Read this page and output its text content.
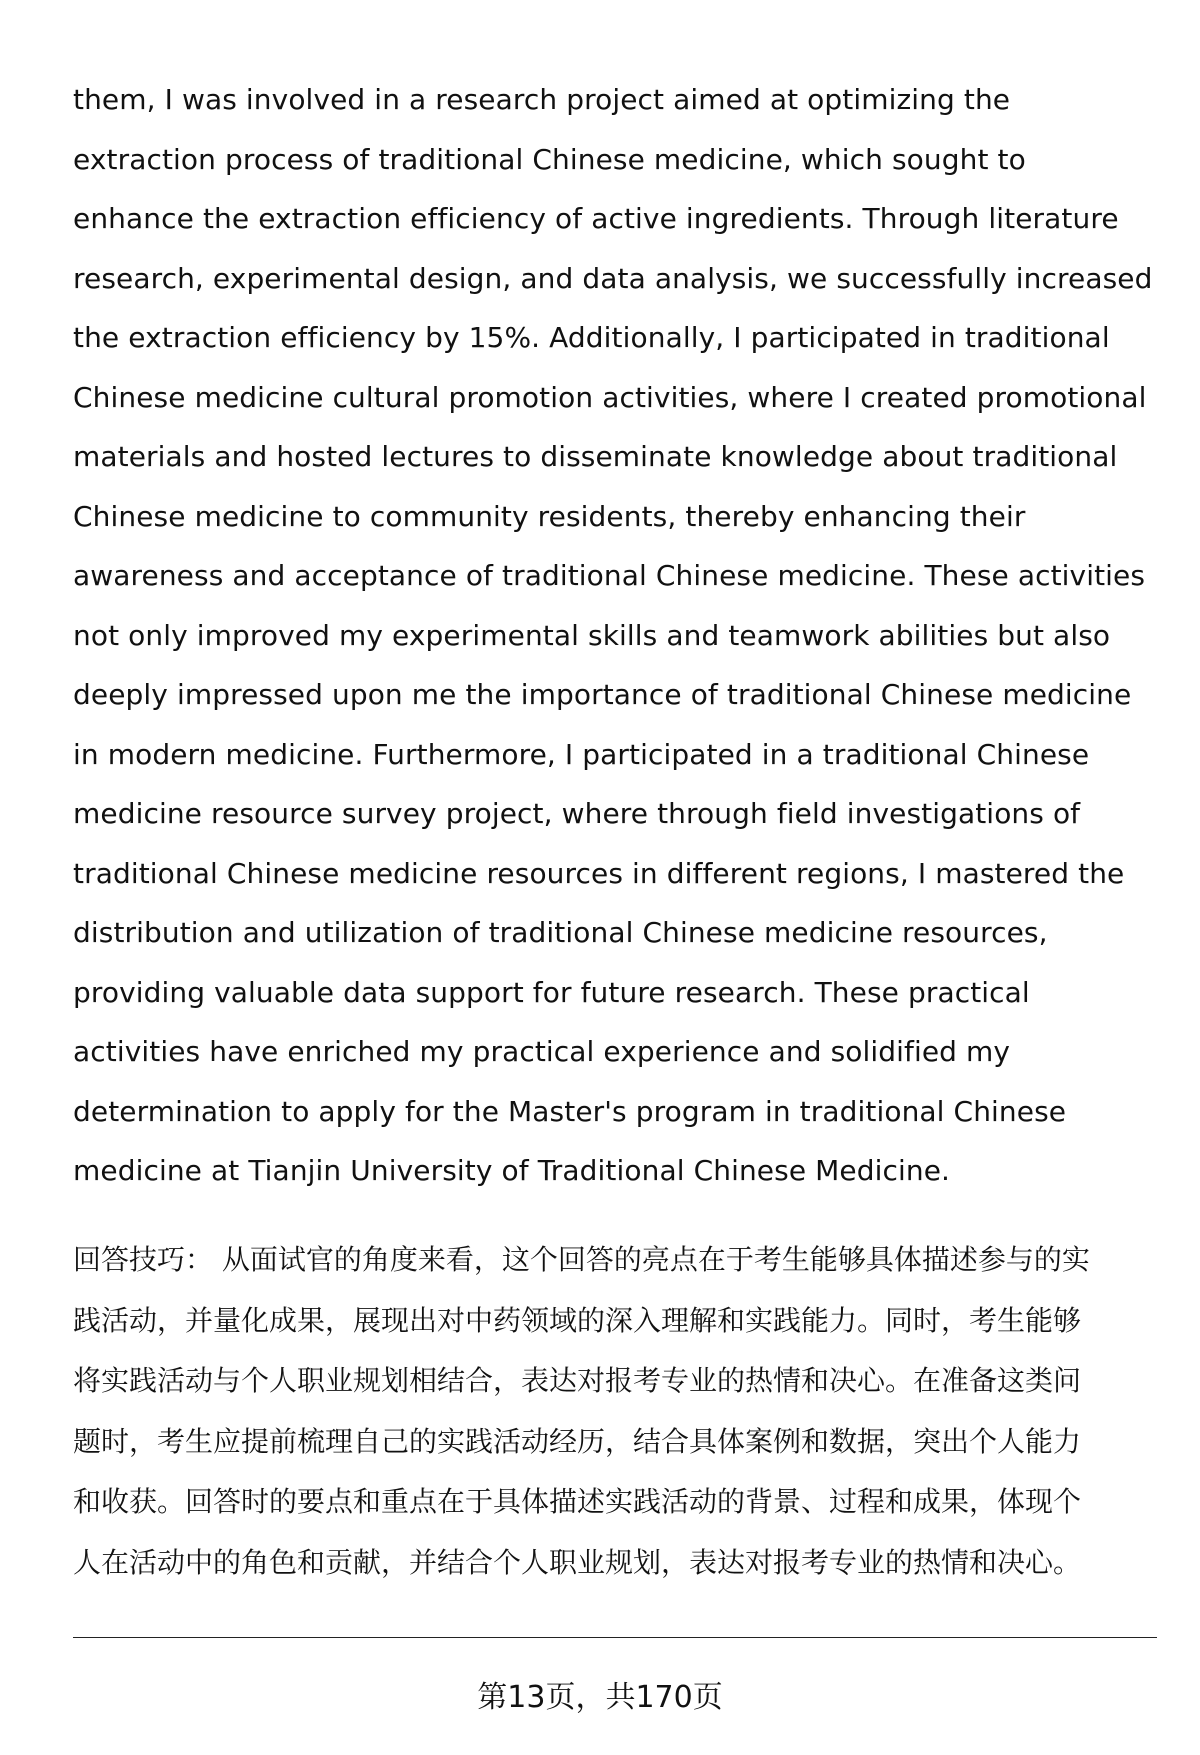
them, I was involved in a research project aimed at optimizing the
extraction process of traditional Chinese medicine, which sought to
enhance the extraction efficiency of active ingredients. Through literature
research, experimental design, and data analysis, we successfully increased
the extraction efficiency by 15%. Additionally, I participated in traditional
Chinese medicine cultural promotion activities, where I created promotional
materials and hosted lectures to disseminate knowledge about traditional
Chinese medicine to community residents, thereby enhancing their
awareness and acceptance of traditional Chinese medicine. These activities
not only improved my experimental skills and teamwork abilities but also
deeply impressed upon me the importance of traditional Chinese medicine
in modern medicine. Furthermore, I participated in a traditional Chinese
medicine resource survey project, where through field investigations of
traditional Chinese medicine resources in different regions, I mastered the
distribution and utilization of traditional Chinese medicine resources,
providing valuable data support for future research. These practical
activities have enriched my practical experience and solidified my
determination to apply for the Master's program in traditional Chinese
medicine at Tianjin University of Traditional Chinese Medicine.
回答技巧： 从面试官的角度来看，这个回答的亮点在于考生能够具体描述参与的实
践活动，并量化成果，展现出对中药领域的深入理解和实践能力。同时，考生能够
将实践活动与个人职业规划相结合，表达对报考专业的热情和决心。在准备这类问
题时，考生应提前梳理自己的实践活动经历，结合具体案例和数据，突出个人能力
和收获。回答时的要点和重点在于具体描述实践活动的背景、过程和成果，体现个
人在活动中的角色和贡献，并结合个人职业规划，表达对报考专业的热情和决心。
第13页，共170页
